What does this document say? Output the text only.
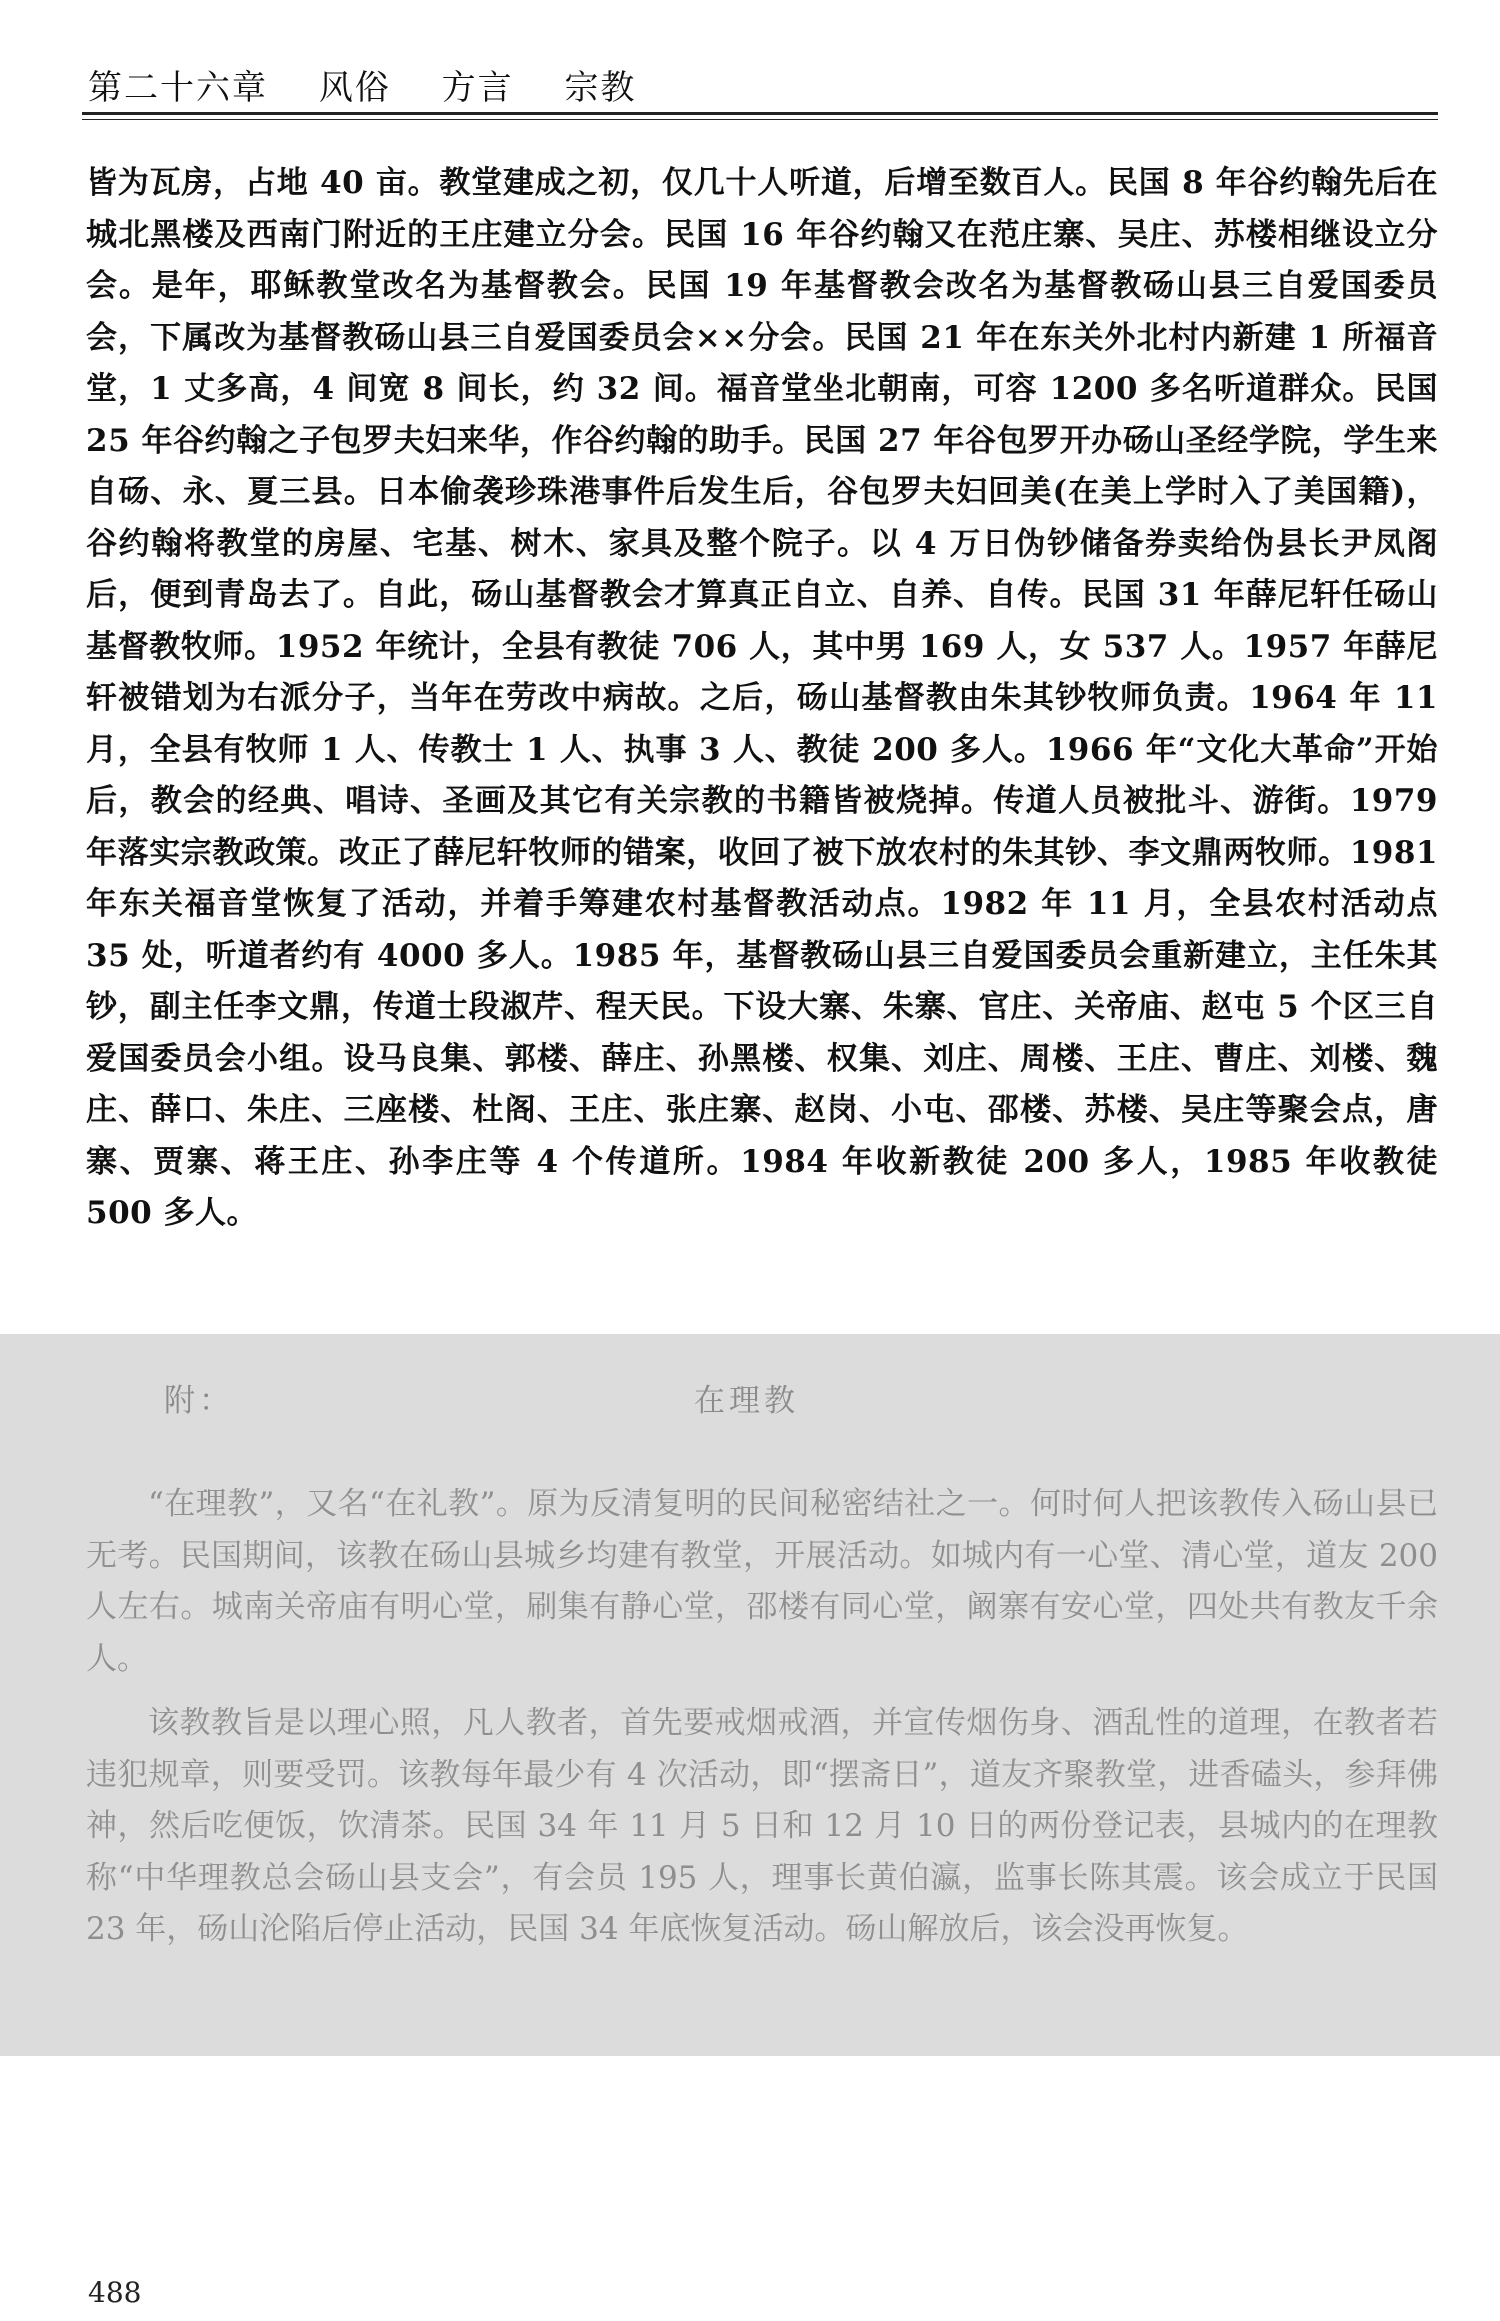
第二十六章 风俗 方言 宗教

皆为瓦房，占地 40 亩。教堂建成之初，仅几十人听道，后增至数百人。民国 8 年谷约翰先后在城北黑楼及西南门附近的王庄建立分会。民国 16 年谷约翰又在范庄寨、吴庄、苏楼相继设立分会。是年，耶稣教堂改名为基督教会。民国 19 年基督教会改名为基督教砀山县三自爱国委员会，下属改为基督教砀山县三自爱国委员会××分会。民国 21 年在东关外北村内新建 1 所福音堂，1 丈多高，4 间宽 8 间长，约 32 间。福音堂坐北朝南，可容 1200 多名听道群众。民国 25 年谷约翰之子包罗夫妇来华，作谷约翰的助手。民国 27 年谷包罗开办砀山圣经学院，学生来自砀、永、夏三县。日本偷袭珍珠港事件后发生后，谷包罗夫妇回美(在美上学时入了美国籍)，谷约翰将教堂的房屋、宅基、树木、家具及整个院子。以 4 万日伪钞储备券卖给伪县长尹凤阁后，便到青岛去了。自此，砀山基督教会才算真正自立、自养、自传。民国 31 年薛尼轩任砀山基督教牧师。1952 年统计，全县有教徒 706 人，其中男 169 人，女 537 人。1957 年薛尼轩被错划为右派分子，当年在劳改中病故。之后，砀山基督教由朱其钞牧师负责。1964 年 11 月，全县有牧师 1 人、传教士 1 人、执事 3 人、教徒 200 多人。1966 年“文化大革命”开始后，教会的经典、唱诗、圣画及其它有关宗教的书籍皆被烧掉。传道人员被批斗、游街。1979 年落实宗教政策。改正了薛尼轩牧师的错案，收回了被下放农村的朱其钞、李文鼎两牧师。1981 年东关福音堂恢复了活动，并着手筹建农村基督教活动点。1982 年 11 月，全县农村活动点 35 处，听道者约有 4000 多人。1985 年，基督教砀山县三自爱国委员会重新建立，主任朱其钞，副主任李文鼎，传道士段淑芹、程天民。下设大寨、朱寨、官庄、关帝庙、赵屯 5 个区三自爱国委员会小组。设马良集、郭楼、薛庄、孙黑楼、权集、刘庄、周楼、王庄、曹庄、刘楼、魏庄、薛口、朱庄、三座楼、杜阁、王庄、张庄寨、赵岗、小屯、邵楼、苏楼、吴庄等聚会点，唐寨、贾寨、蒋王庄、孙李庄等 4 个传道所。1984 年收新教徒 200 多人，1985 年收教徒 500 多人。

附：	在理教

“在理教”，又名“在礼教”。原为反清复明的民间秘密结社之一。何时何人把该教传入砀山县已无考。民国期间，该教在砀山县城乡均建有教堂，开展活动。如城内有一心堂、清心堂，道友 200 人左右。城南关帝庙有明心堂，刷集有静心堂，邵楼有同心堂，阚寨有安心堂，四处共有教友千余人。

该教教旨是以理心照，凡人教者，首先要戒烟戒酒，并宣传烟伤身、酒乱性的道理，在教者若违犯规章，则要受罚。该教每年最少有 4 次活动，即“摆斋日”，道友齐聚教堂，进香磕头，参拜佛神，然后吃便饭，饮清茶。民国 34 年 11 月 5 日和 12 月 10 日的两份登记表，县城内的在理教称“中华理教总会砀山县支会”，有会员 195 人，理事长黄伯瀛，监事长陈其震。该会成立于民国 23 年，砀山沦陷后停止活动，民国 34 年底恢复活动。砀山解放后，该会没再恢复。

488
